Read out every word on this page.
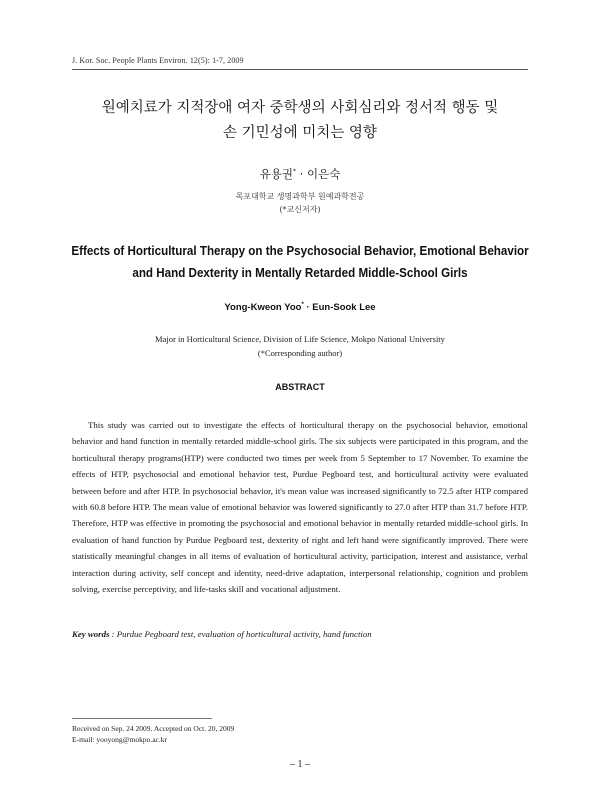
J. Kor. Soc. People Plants Environ. 12(5): 1-7, 2009
원예치료가 지적장애 여자 중학생의 사회심리와 정서적 행동 및
손 기민성에 미치는 영향
유용권* · 이은숙
목포대학교 생명과학부 원예과학전공
(*교신저자)
Effects of Horticultural Therapy on the Psychosocial Behavior, Emotional Behavior
and Hand Dexterity in Mentally Retarded Middle-School Girls
Yong-Kweon Yoo* · Eun-Sook Lee
Major in Horticultural Science, Division of Life Science, Mokpo National University
(*Corresponding author)
ABSTRACT
This study was carried out to investigate the effects of horticultural therapy on the psychosocial behavior, emotional behavior and hand function in mentally retarded middle-school girls. The six subjects were participated in this program, and the horticultural therapy programs(HTP) were conducted two times per week from 5 September to 17 November. To examine the effects of HTP, psychosocial and emotional behavior test, Purdue Pegboard test, and horticultural activity were evaluated between before and after HTP. In psychosocial behavior, it's mean value was increased significantly to 72.5 after HTP compared with 60.8 before HTP. The mean value of emotional behavior was lowered significantly to 27.0 after HTP than 31.7 before HTP. Therefore, HTP was effective in promoting the psychosocial and emotional behavior in mentally retarded middle-school girls. In evaluation of hand function by Purdue Pegboard test, dexterity of right and left hand were significantly improved. There were statistically meaningful changes in all items of evaluation of horticultural activity, participation, interest and assistance, verbal interaction during activity, self concept and identity, need-drive adaptation, interpersonal relationship, cognition and problem solving, exercise perceptivity, and life-tasks skill and vocational adjustment.
Key words : Purdue Pegboard test, evaluation of horticultural activity, hand function
Received on Sep. 24 2009. Accepted on Oct. 20, 2009
E-mail: yooyong@mokpo.ac.kr
– 1 –
